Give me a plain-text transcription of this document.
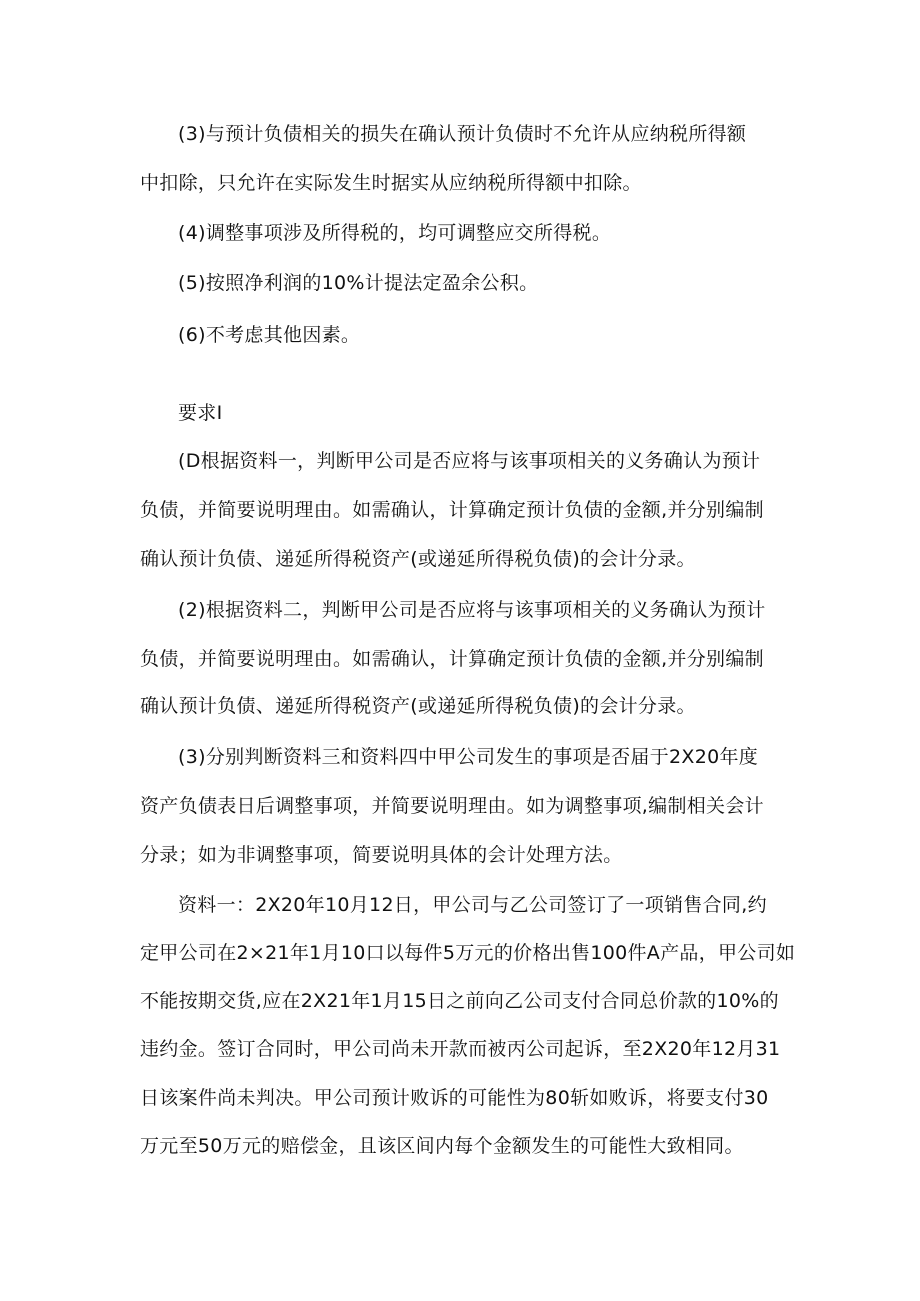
(3)与预计负债相关的损失在确认预计负债时不允许从应纳税所得额
中扣除，只允许在实际发生时据实从应纳税所得额中扣除。
(4)调整事项涉及所得税的，均可调整应交所得税。
(5)按照净利润的10%计提法定盈余公积。
(6)不考虑其他因素。
要求I
(D根据资料一，判断甲公司是否应将与该事项相关的义务确认为预计
负债，并简要说明理由。如需确认，计算确定预计负债的金额,并分别编制
确认预计负债、递延所得税资产(或递延所得税负债)的会计分录。
(2)根据资料二，判断甲公司是否应将与该事项相关的义务确认为预计
负债，并简要说明理由。如需确认，计算确定预计负债的金额,并分别编制
确认预计负债、递延所得税资产(或递延所得税负债)的会计分录。
(3)分别判断资料三和资料四中甲公司发生的事项是否届于2X20年度
资产负债表日后调整事项，并简要说明理由。如为调整事项,编制相关会计
分录；如为非调整事项，简要说明具体的会计处理方法。
资料一：2X20年10月12日，甲公司与乙公司签订了一项销售合同,约
定甲公司在2×21年1月10口以每件5万元的价格出售100件A产品，甲公司如
不能按期交货,应在2X21年1月15日之前向乙公司支付合同总价款的10%的
违约金。签订合同时，甲公司尚未开款而被丙公司起诉，至2X20年12月31
日该案件尚未判决。甲公司预计败诉的可能性为80斩如败诉，将要支付30
万元至50万元的赔偿金，且该区间内每个金额发生的可能性大致相同。
